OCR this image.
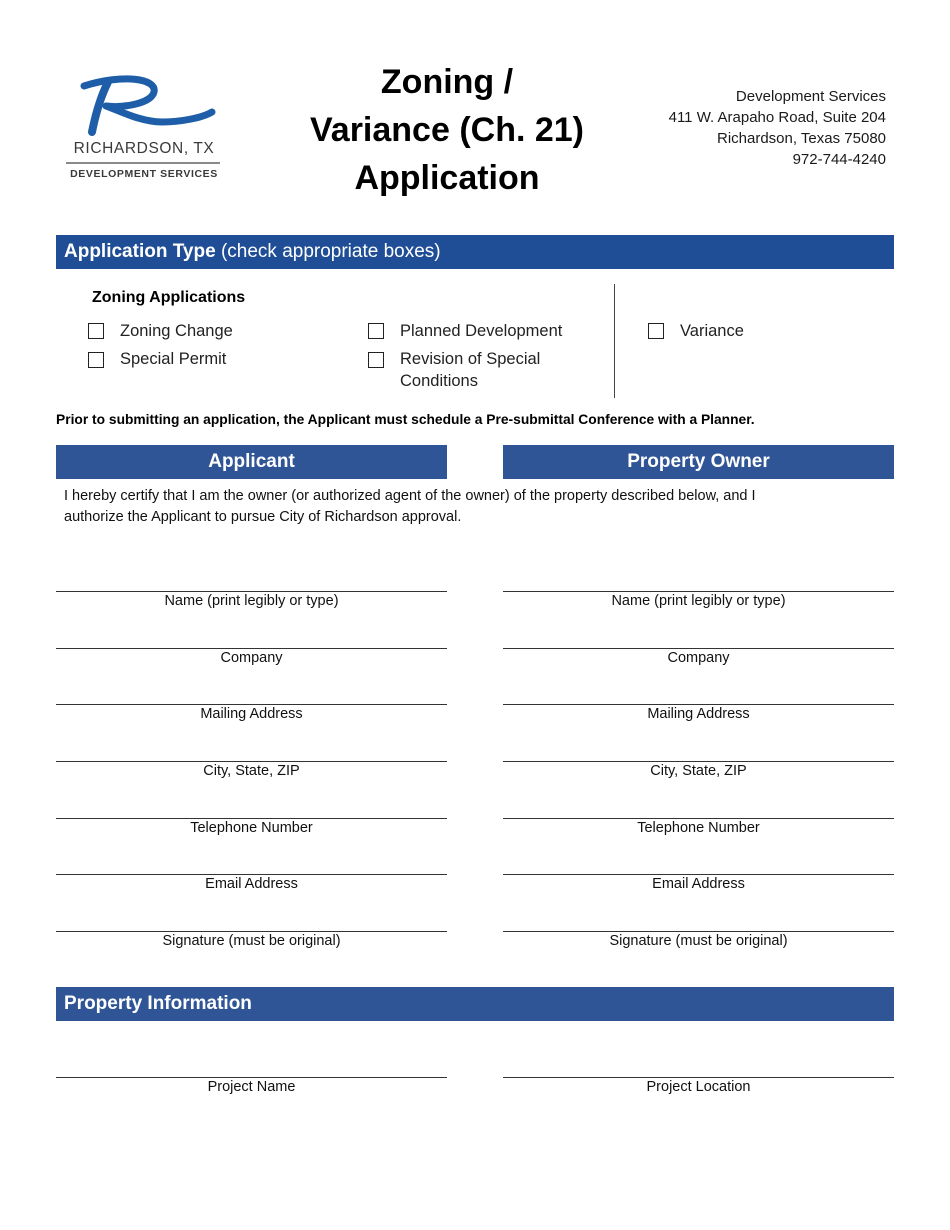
RICHARDSON, TX
DEVELOPMENT SERVICES
Zoning /
Variance (Ch. 21)
Application
Development Services
411 W. Arapaho Road, Suite 204
Richardson, Texas 75080
972-744-4240
Application Type (check appropriate boxes)
Zoning Applications
Zoning Change
Special Permit
Planned Development
Revision of Special
Conditions
Variance
Prior to submitting an application, the Applicant must schedule a Pre-submittal Conference with a Planner.
Applicant	Property Owner
I hereby certify that I am the owner (or authorized agent of the owner) of the property described below, and I
authorize the Applicant to pursue City of Richardson approval.
Name (print legibly or type)
Company
Mailing Address
City, State, ZIP
Telephone Number
Email Address
Signature (must be original)
Name (print legibly or type)
Company
Mailing Address
City, State, ZIP
Telephone Number
Email Address
Signature (must be original)
Property Information
Project Name	Project Location
